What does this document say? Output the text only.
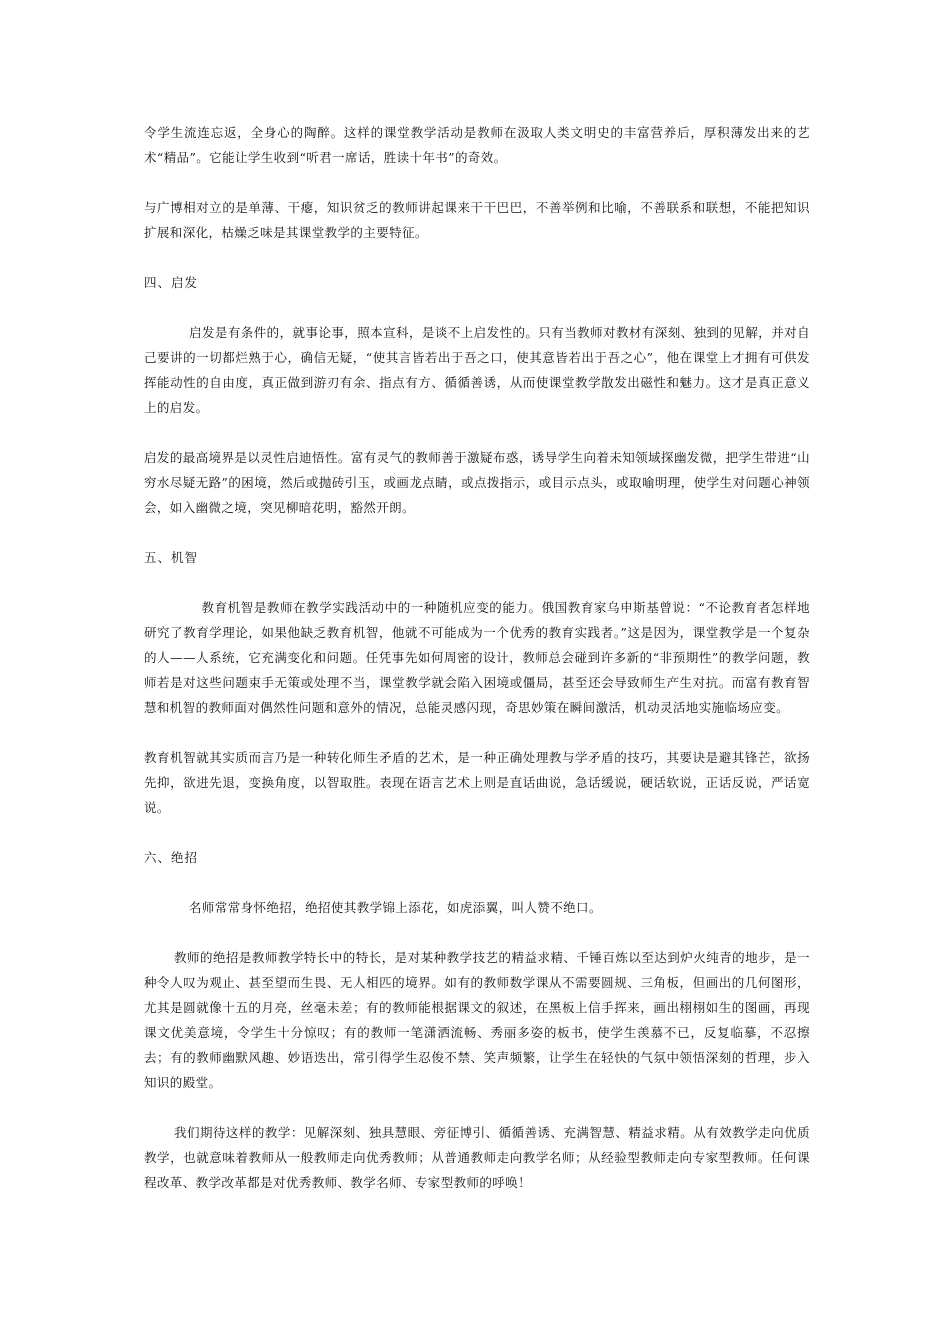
令学生流连忘返，全身心的陶醉。这样的课堂教学活动是教师在汲取人类文明史的丰富营养后，厚积薄发出来的艺术“精品”。它能让学生收到“听君一席话，胜读十年书”的奇效。

与广博相对立的是单薄、干瘪，知识贫乏的教师讲起课来干干巴巴，不善举例和比喻，不善联系和联想，不能把知识扩展和深化，枯燥乏味是其课堂教学的主要特征。

四、启发

启发是有条件的，就事论事，照本宣科，是谈不上启发性的。只有当教师对教材有深刻、独到的见解，并对自己要讲的一切都烂熟于心，确信无疑，“使其言皆若出于吾之口，使其意皆若出于吾之心”，他在课堂上才拥有可供发挥能动性的自由度，真正做到游刃有余、指点有方、循循善诱，从而使课堂教学散发出磁性和魅力。这才是真正意义上的启发。

启发的最高境界是以灵性启迪悟性。富有灵气的教师善于激疑布惑，诱导学生向着未知领域探幽发微，把学生带进“山穷水尽疑无路”的困境，然后或抛砖引玉，或画龙点睛，或点拨指示，或目示点头，或取喻明理，使学生对问题心神领会，如入幽微之境，突见柳暗花明，豁然开朗。

五、机智

教育机智是教师在教学实践活动中的一种随机应变的能力。俄国教育家乌申斯基曾说：“不论教育者怎样地研究了教育学理论，如果他缺乏教育机智，他就不可能成为一个优秀的教育实践者。”这是因为，课堂教学是一个复杂的人——人系统，它充满变化和问题。任凭事先如何周密的设计，教师总会碰到许多新的“非预期性”的教学问题，教师若是对这些问题束手无策或处理不当，课堂教学就会陷入困境或僵局，甚至还会导致师生产生对抗。而富有教育智慧和机智的教师面对偶然性问题和意外的情况，总能灵感闪现，奇思妙策在瞬间激活，机动灵活地实施临场应变。

教育机智就其实质而言乃是一种转化师生矛盾的艺术，是一种正确处理教与学矛盾的技巧，其要诀是避其锋芒，欲扬先抑，欲进先退，变换角度，以智取胜。表现在语言艺术上则是直话曲说，急话缓说，硬话软说，正话反说，严话宽说。

六、绝招

名师常常身怀绝招，绝招使其教学锦上添花，如虎添翼，叫人赞不绝口。

教师的绝招是教师教学特长中的特长，是对某种教学技艺的精益求精、千锤百炼以至达到炉火纯青的地步，是一种令人叹为观止、甚至望而生畏、无人相匹的境界。如有的教师数学课从不需要圆规、三角板，但画出的几何图形，尤其是圆就像十五的月亮，丝毫未差；有的教师能根据课文的叙述，在黑板上信手挥来，画出栩栩如生的图画，再现课文优美意境，令学生十分惊叹；有的教师一笔潇洒流畅、秀丽多姿的板书，使学生羡慕不已，反复临摹，不忍擦去；有的教师幽默风趣、妙语迭出，常引得学生忍俊不禁、笑声频繁，让学生在轻快的气氛中领悟深刻的哲理，步入知识的殿堂。

我们期待这样的教学：见解深刻、独具慧眼、旁征博引、循循善诱、充满智慧、精益求精。从有效教学走向优质教学，也就意味着教师从一般教师走向优秀教师；从普通教师走向教学名师；从经验型教师走向专家型教师。任何课程改革、教学改革都是对优秀教师、教学名师、专家型教师的呼唤！
